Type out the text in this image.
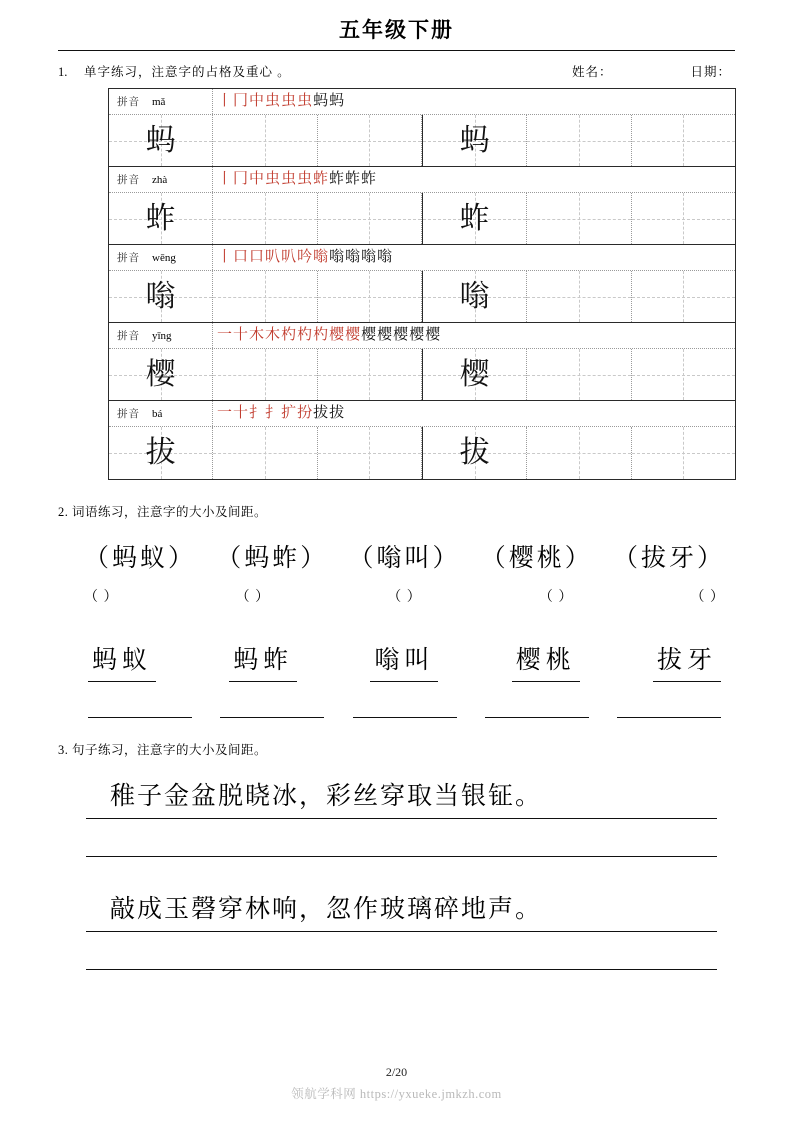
五年级下册
1.	单字练习，注意字的占格及重心 。	姓名：	日期：
拼音 mǎ	丨 冂 中 虫 虫 虫 蚂 蚂
蚂	蚂
拼音 zhà	丨 冂 中 虫 虫 虫 蚱 蚱 蚱 蚱
蚱	蚱
拼音 wēng	丨 口 口 叭 叭 吟 嗡 嗡 嗡 嗡 嗡
嗡	嗡
拼音 yīng	一 十 木 木 杓 杓 杓 樱 樱 樱 樱 樱 樱 樱
樱	樱
拼音 bá	一 十 扌 扌 扩 扮 拔 拔
拔	拔
2. 词语练习，注意字的大小及间距。
（蚂蚁） （蚂蚱） （嗡叫） （樱桃） （拔牙）
（ ）	（ ）	（ ）	（ ）	（ ）
蚂蚁	蚂蚱	嗡叫	樱桃	拔牙
3. 句子练习，注意字的大小及间距。
稚子金盆脱晓冰，彩丝穿取当银钲。
敲成玉磬穿林响，忽作玻璃碎地声。
2/20
领航学科网 https://yxueke.jmkzh.com
